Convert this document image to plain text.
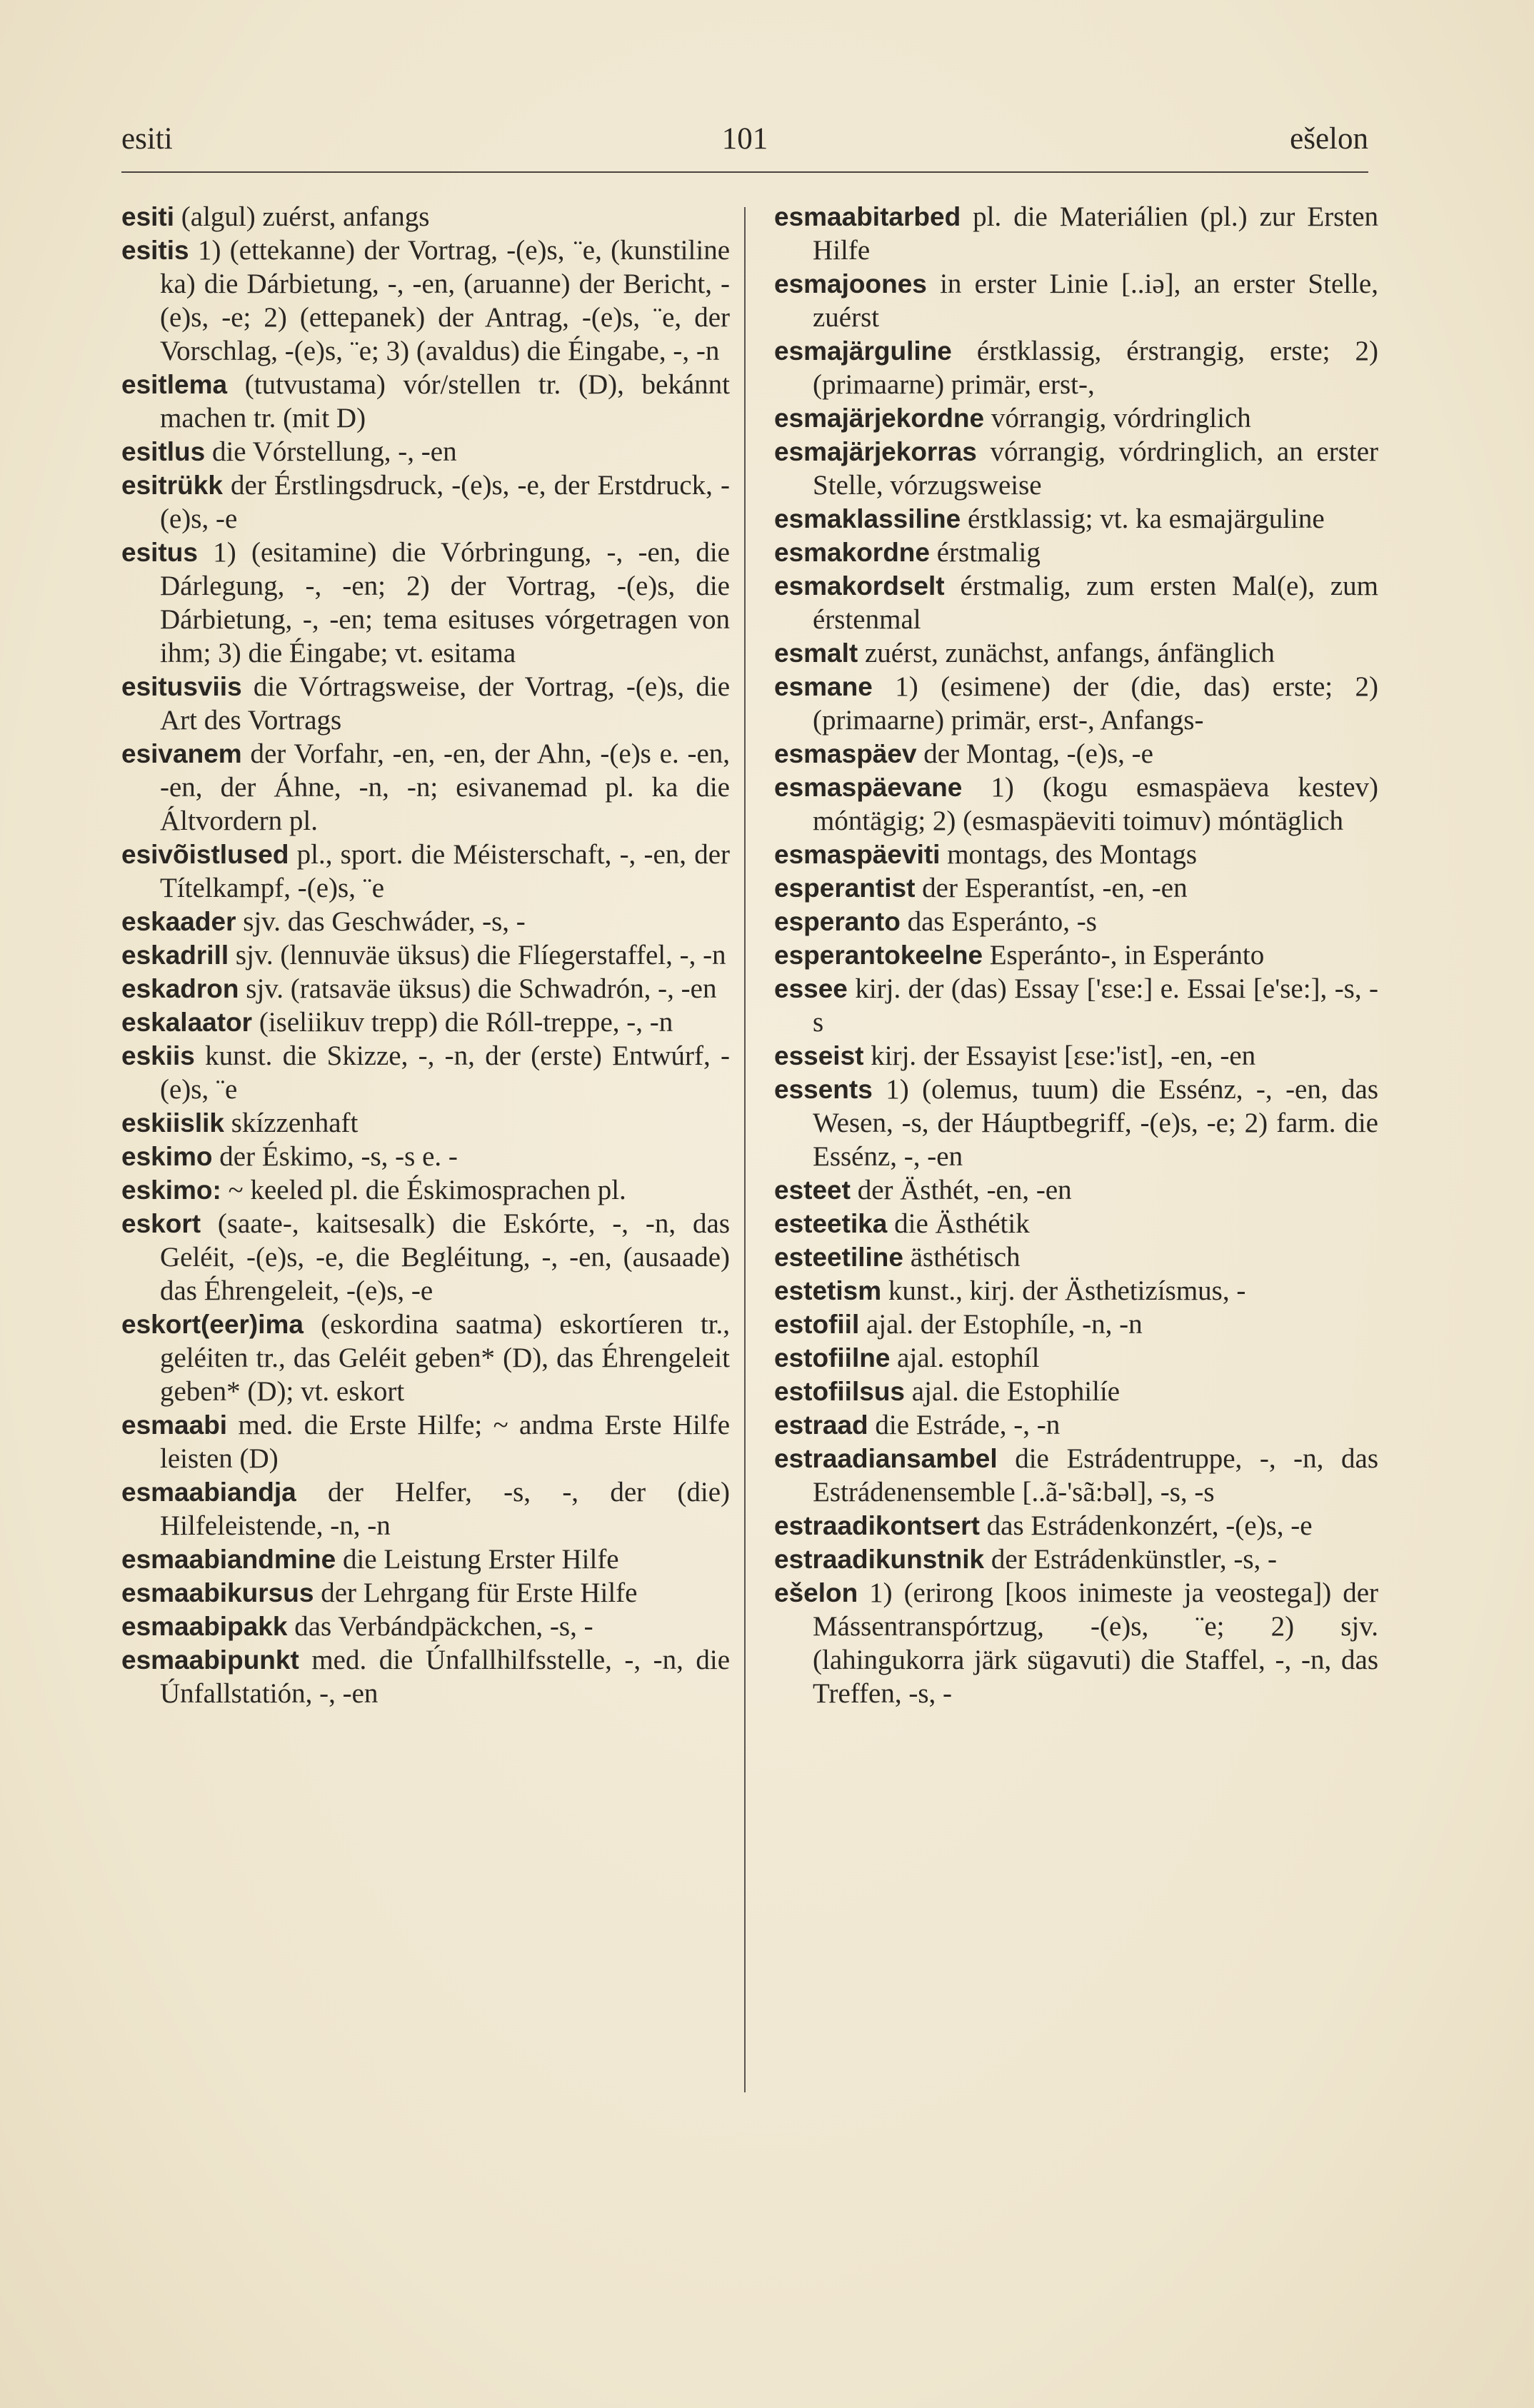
esiti	101	ešelon

esiti (algul) zuérst, anfangs

esitis 1) (ettekanne) der Vortrag, -(e)s, ¨e, (kunstiline ka) die Dárbietung, -, -en, (aruanne) der Bericht, -(e)s, -e; 2) (ettepanek) der Antrag, -(e)s, ¨e, der Vorschlag, -(e)s, ¨e; 3) (avaldus) die Éingabe, -, -n

esitlema (tutvustama) vór/stellen tr. (D), bekánnt machen tr. (mit D)

esitlus die Vórstellung, -, -en

esitrükk der Érstlingsdruck, -(e)s, -e, der Erstdruck, -(e)s, -e

esitus 1) (esitamine) die Vórbringung, -, -en, die Dárlegung, -, -en; 2) der Vortrag, -(e)s, die Dárbietung, -, -en; tema esituses vórgetragen von ihm; 3) die Éingabe; vt. esitama

esitusviis die Vórtragsweise, der Vortrag, -(e)s, die Art des Vortrags

esivanem der Vorfahr, -en, -en, der Ahn, -(e)s e. -en, -en, der Áhne, -n, -n; esivanemad pl. ka die Áltvordern pl.

esivõistlused pl., sport. die Méisterschaft, -, -en, der Títelkampf, -(e)s, ¨e

eskaader sjv. das Geschwáder, -s, -

eskadrill sjv. (lennuväe üksus) die Flíegerstaffel, -, -n

eskadron sjv. (ratsaväe üksus) die Schwadrón, -, -en

eskalaator (iseliikuv trepp) die Róll-treppe, -, -n

eskiis kunst. die Skizze, -, -n, der (erste) Entwúrf, -(e)s, ¨e

eskiislik skízzenhaft

eskimo der Éskimo, -s, -s e. -

eskimo: ~ keeled pl. die Éskimosprachen pl.

eskort (saate-, kaitsesalk) die Eskórte, -, -n, das Geléit, -(e)s, -e, die Begléitung, -, -en, (ausaade) das Éhrengeleit, -(e)s, -e

eskort(eer)ima (eskordina saatma) eskortíeren tr., geléiten tr., das Geléit geben* (D), das Éhrengeleit geben* (D); vt. eskort

esmaabi med. die Erste Hilfe; ~ andma Erste Hilfe leisten (D)

esmaabiandja der Helfer, -s, -, der (die) Hilfeleistende, -n, -n

esmaabiandmine die Leistung Erster Hilfe

esmaabikursus der Lehrgang für Erste Hilfe

esmaabipakk das Verbándpäckchen, -s, -

esmaabipunkt med. die Únfallhilfsstelle, -, -n, die Únfallstatión, -, -en

esmaabitarbed pl. die Materiálien (pl.) zur Ersten Hilfe

esmajoones in erster Linie [..iə], an erster Stelle, zuérst

esmajärguline érstklassig, érstrangig, erste; 2) (primaarne) primär, erst-,

esmajärjekordne vórrangig, vórdringlich

esmajärjekorras vórrangig, vórdringlich, an erster Stelle, vórzugsweise

esmaklassiline érstklassig; vt. ka esmajärguline

esmakordne érstmalig

esmakordselt érstmalig, zum ersten Mal(e), zum érstenmal

esmalt zuérst, zunächst, anfangs, ánfänglich

esmane 1) (esimene) der (die, das) erste; 2) (primaarne) primär, erst-, Anfangs-

esmaspäev der Montag, -(e)s, -e

esmaspäevane 1) (kogu esmaspäeva kestev) móntägig; 2) (esmaspäeviti toimuv) móntäglich

esmaspäeviti montags, des Montags

esperantist der Esperantíst, -en, -en

esperanto das Esperánto, -s

esperantokeelne Esperánto-, in Esperánto

essee kirj. der (das) Essay ['ɛse:] e. Essai [e'se:], -s, -s

esseist kirj. der Essayist [ɛse:'ist], -en, -en

essents 1) (olemus, tuum) die Essénz, -, -en, das Wesen, -s, der Háuptbegriff, -(e)s, -e; 2) farm. die Essénz, -, -en

esteet der Ästhét, -en, -en

esteetika die Ästhétik

esteetiline ästhétisch

estetism kunst., kirj. der Ästhetizísmus, -

estofiil ajal. der Estophíle, -n, -n

estofiilne ajal. estophíl

estofiilsus ajal. die Estophilíe

estraad die Estráde, -, -n

estraadiansambel die Estrádentruppe, -, -n, das Estrádenensemble [..ã-'sã:bəl], -s, -s

estraadikontsert das Estrádenkonzért, -(e)s, -e

estraadikunstnik der Estrádenkünstler, -s, -

ešelon 1) (erirong [koos inimeste ja veostega]) der Mássentranspórtzug, -(e)s, ¨e; 2) sjv. (lahingukorra järk sügavuti) die Staffel, -, -n, das Treffen, -s, -
